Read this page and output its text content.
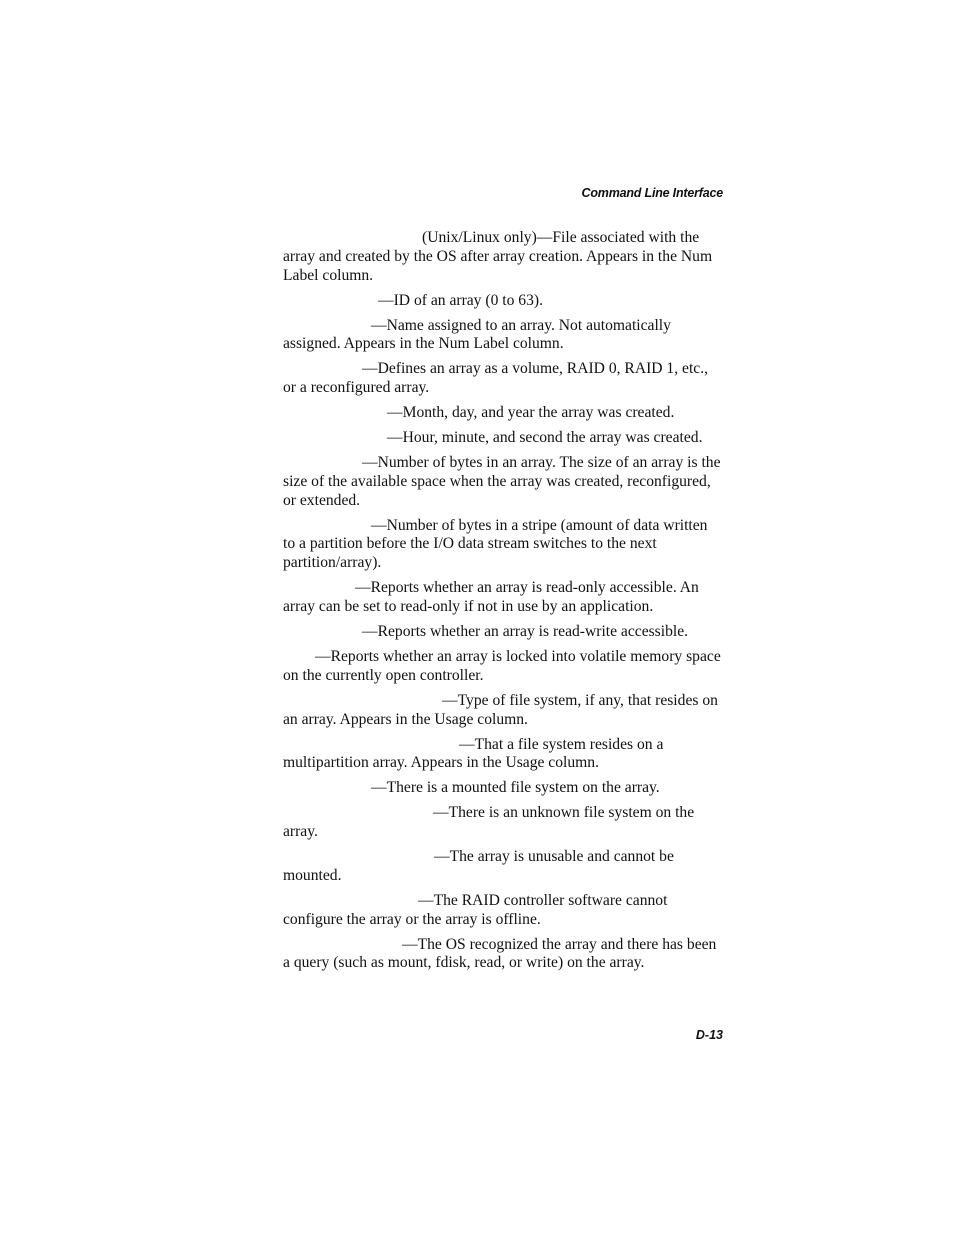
Command Line Interface

(Unix/Linux only)—File associated with the array and created by the OS after array creation. Appears in the Num Label column.

—ID of an array (0 to 63).

—Name assigned to an array. Not automatically assigned. Appears in the Num Label column.

—Defines an array as a volume, RAID 0, RAID 1, etc., or a reconfigured array.

—Month, day, and year the array was created.

—Hour, minute, and second the array was created.

—Number of bytes in an array. The size of an array is the size of the available space when the array was created, reconfigured, or extended.

—Number of bytes in a stripe (amount of data written to a partition before the I/O data stream switches to the next partition/array).

—Reports whether an array is read-only accessible. An array can be set to read-only if not in use by an application.

—Reports whether an array is read-write accessible.

—Reports whether an array is locked into volatile memory space on the currently open controller.

—Type of file system, if any, that resides on an array. Appears in the Usage column.

—That a file system resides on a multipartition array. Appears in the Usage column.

—There is a mounted file system on the array.

—There is an unknown file system on the array.

—The array is unusable and cannot be mounted.

—The RAID controller software cannot configure the array or the array is offline.

—The OS recognized the array and there has been a query (such as mount, fdisk, read, or write) on the array.

D-13
